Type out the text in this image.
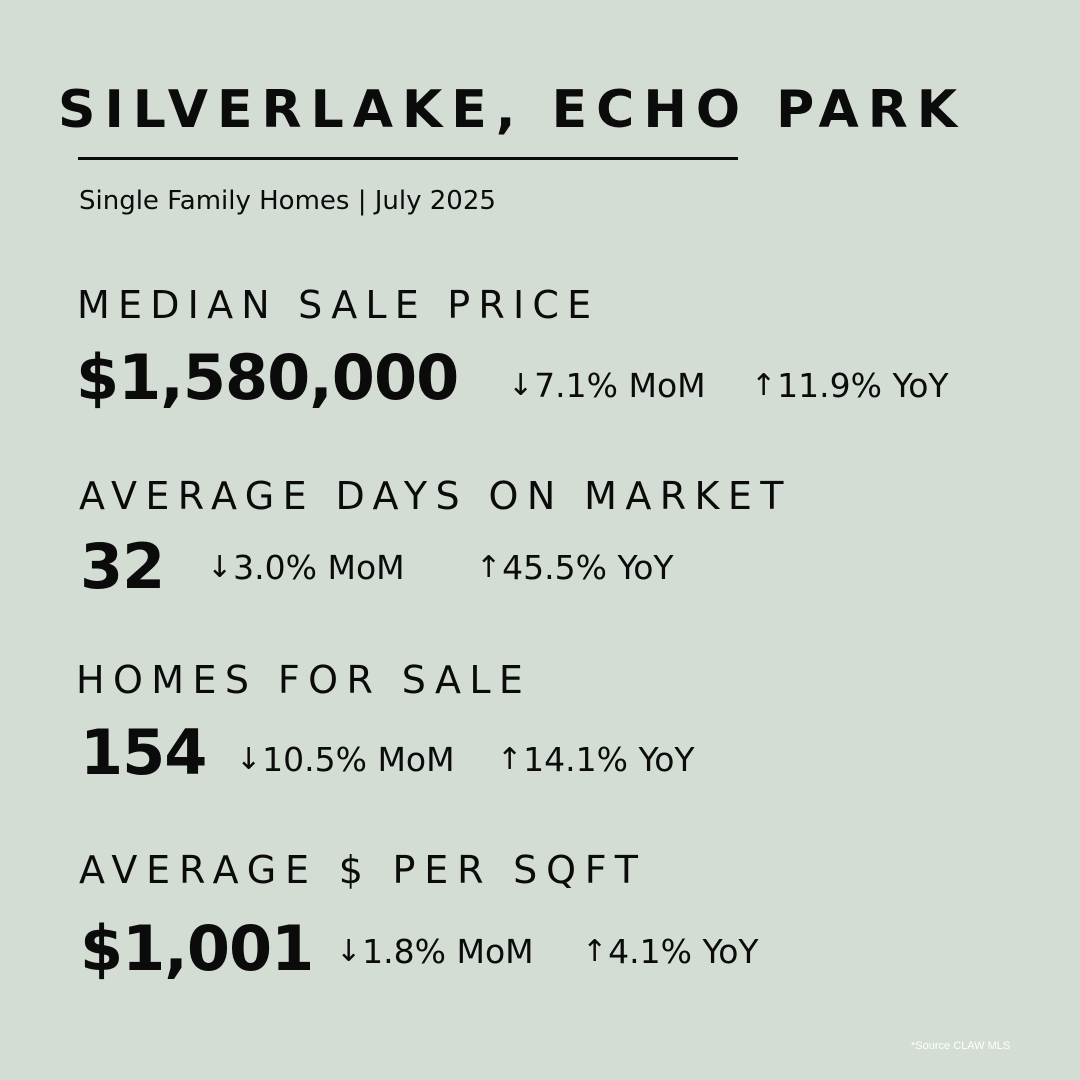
SILVERLAKE, ECHO PARK
Single Family Homes | July 2025
MEDIAN SALE PRICE
$1,580,000 ↓ 7.1% MoM ↑ 11.9% YoY
AVERAGE DAYS ON MARKET
32 ↓ 3.0% MoM ↑ 45.5% YoY
HOMES FOR SALE
154 ↓ 10.5% MoM ↑ 14.1% YoY
AVERAGE $ PER SQFT
$1,001 ↓ 1.8% MoM ↑ 4.1% YoY
*Source CLAW MLS
